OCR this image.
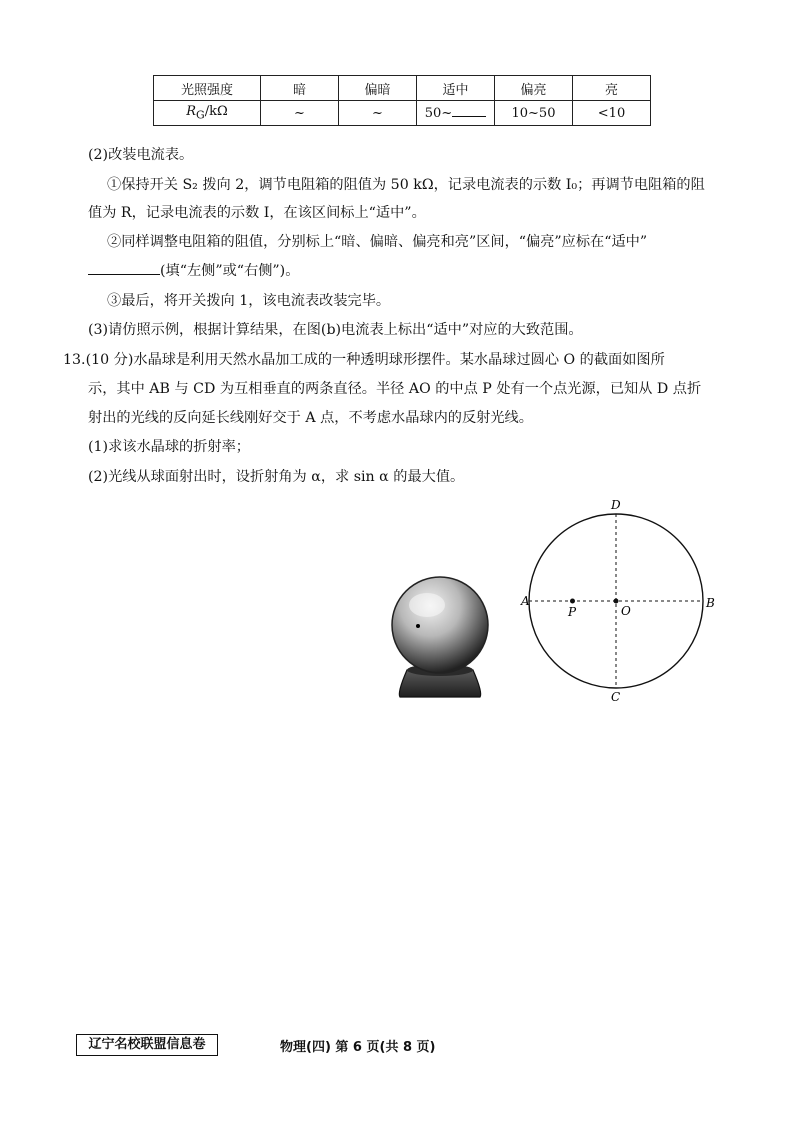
光照强度	暗	偏暗	适中	偏亮	亮
$R_G/k\Omega$	~	~	50~	10~50	<10
(2)改装电流表。
①保持开关 S₂ 拨向 2，调节电阻箱的阻值为 50 kΩ，记录电流表的示数 I₀；再调节电阻箱的阻
值为 R，记录电流表的示数 I，在该区间标上“适中”。
②同样调整电阻箱的阻值，分别标上“暗、偏暗、偏亮和亮”区间，“偏亮”应标在“适中”
(填“左侧”或“右侧”)。
③最后，将开关拨向 1，该电流表改装完毕。
(3)请仿照示例，根据计算结果，在图(b)电流表上标出“适中”对应的大致范围。
13.(10 分)水晶球是利用天然水晶加工成的一种透明球形摆件。某水晶球过圆心 O 的截面如图所
示，其中 AB 与 CD 为互相垂直的两条直径。半径 AO 的中点 P 处有一个点光源，已知从 D 点折
射出的光线的反向延长线刚好交于 A 点，不考虑水晶球内的反射光线。
(1)求该水晶球的折射率；
(2)光线从球面射出时，设折射角为 α，求 sin α 的最大值。
A	B
D
C
O
P
辽宁名校联盟信息卷	物理(四) 第 6 页(共 8 页)
